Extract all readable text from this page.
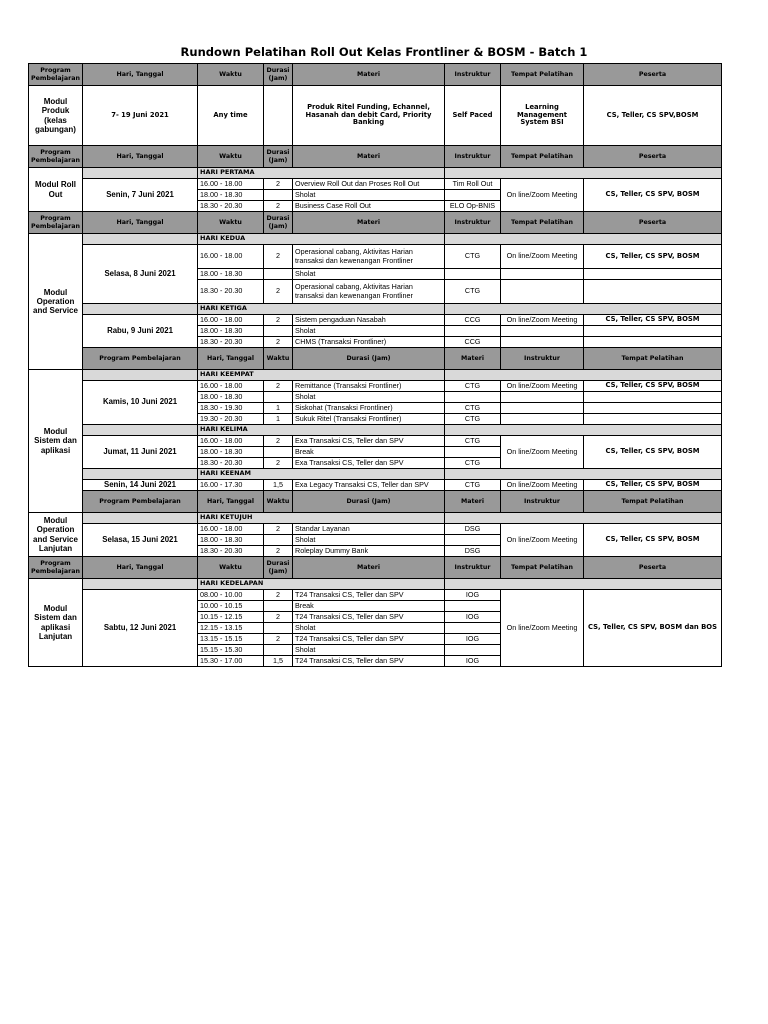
Rundown Pelatihan Roll Out Kelas Frontliner & BOSM - Batch 1
Program Pembelajaran	Hari, Tanggal	Waktu	Durasi (Jam)	Materi	Instruktur	Tempat Pelatihan	Peserta	
Modul Produk (kelas gabungan)	7- 19 Juni 2021	Any time		Produk Ritel Funding, Echannel, Hasanah dan debit Card, Priority Banking	Self Paced	Learning Management System BSI	CS, Teller, CS SPV,BOSM	
Program Pembelajaran	Hari, Tanggal	Waktu	Durasi (Jam)	Materi	Instruktur	Tempat Pelatihan	Peserta	
Modul Roll Out		HARI PERTAMA						
	Senin, 7 Juni 2021	16.00 - 18.00	2	Overview Roll Out dan Proses Roll Out	Tim Roll Out	On line/Zoom Meeting	CS, Teller, CS SPV, BOSM	
		18.00 - 18.30		Sholat				
		18.30 - 20.30	2	Business Case Roll Out	ELO Op-BNIS			
Program Pembelajaran	Hari, Tanggal	Waktu	Durasi (Jam)	Materi	Instruktur	Tempat Pelatihan	Peserta	
Modul Operation and Service		HARI KEDUA						
	Selasa, 8 Juni 2021	16.00 - 18.00	2	Operasional cabang, Aktivitas Harian transaksi dan kewenangan Frontliner	CTG	On line/Zoom Meeting	CS, Teller, CS SPV, BOSM	
		18.00 - 18.30		Sholat				
		18.30 - 20.30	2	Operasional cabang, Aktivitas Harian transaksi dan kewenangan Frontliner	CTG			
		HARI KETIGA						
	Rabu, 9 Juni 2021	16.00 - 18.00	2	Sistem pengaduan Nasabah	CCG	On line/Zoom Meeting	CS, Teller, CS SPV, BOSM	
		18.00 - 18.30		Sholat				
		18.30 - 20.30	2	CHMS (Transaksi Frontliner)	CCG			
	Program Pembelajaran	Hari, Tanggal	Waktu	Durasi (Jam)	Materi	Instruktur	Tempat Pelatihan	
Modul Sistem dan aplikasi		HARI KEEMPAT						
	Kamis, 10 Juni 2021	16.00 - 18.00	2	Remittance (Transaksi Frontliner)	CTG	On line/Zoom Meeting	CS, Teller, CS SPV, BOSM	
		18.00 - 18.30		Sholat				
		18.30 - 19.30	1	Siskohat (Transaksi Frontliner)	CTG			
		19.30 - 20.30	1	Sukuk Ritel (Transaksi Frontliner)	CTG			
		HARI KELIMA						
	Jumat, 11 Juni 2021	16.00 - 18.00	2	Exa Transaksi CS, Teller dan SPV	CTG	On line/Zoom Meeting	CS, Teller, CS SPV, BOSM	
		18.00 - 18.30		Break				
		18.30 - 20.30	2	Exa Transaksi CS, Teller dan SPV	CTG			
		HARI KEENAM						
	Senin, 14 Juni 2021	16.00 - 17.30	1,5	Exa Legacy Transaksi CS, Teller dan SPV	CTG	On line/Zoom Meeting	CS, Teller, CS SPV, BOSM	
	Program Pembelajaran	Hari, Tanggal	Waktu	Durasi (Jam)	Materi	Instruktur	Tempat Pelatihan	
Modul Operation and Service Lanjutan		HARI KETUJUH						
	Selasa, 15 Juni 2021	16.00 - 18.00	2	Standar Layanan	DSG	On line/Zoom Meeting	CS, Teller, CS SPV, BOSM	
		18.00 - 18.30		Sholat				
		18.30 - 20.30	2	Roleplay Dummy Bank	DSG			
Program Pembelajaran	Hari, Tanggal	Waktu	Durasi (Jam)	Materi	Instruktur	Tempat Pelatihan	Peserta	
Modul Sistem dan aplikasi Lanjutan		HARI KEDELAPAN						
	Sabtu, 12 Juni 2021	08.00 - 10.00	2	T24 Transaksi CS, Teller dan SPV	IOG	On line/Zoom Meeting	CS, Teller, CS SPV, BOSM dan BOS	
		10.00 - 10.15		Break				
		10.15 - 12.15	2	T24 Transaksi CS, Teller dan SPV	IOG			
		12.15 - 13.15		Sholat				
		13.15 - 15.15	2	T24 Transaksi CS, Teller dan SPV	IOG			
		15.15 - 15.30		Sholat				
		15.30 - 17.00	1,5	T24 Transaksi CS, Teller dan SPV	IOG			
